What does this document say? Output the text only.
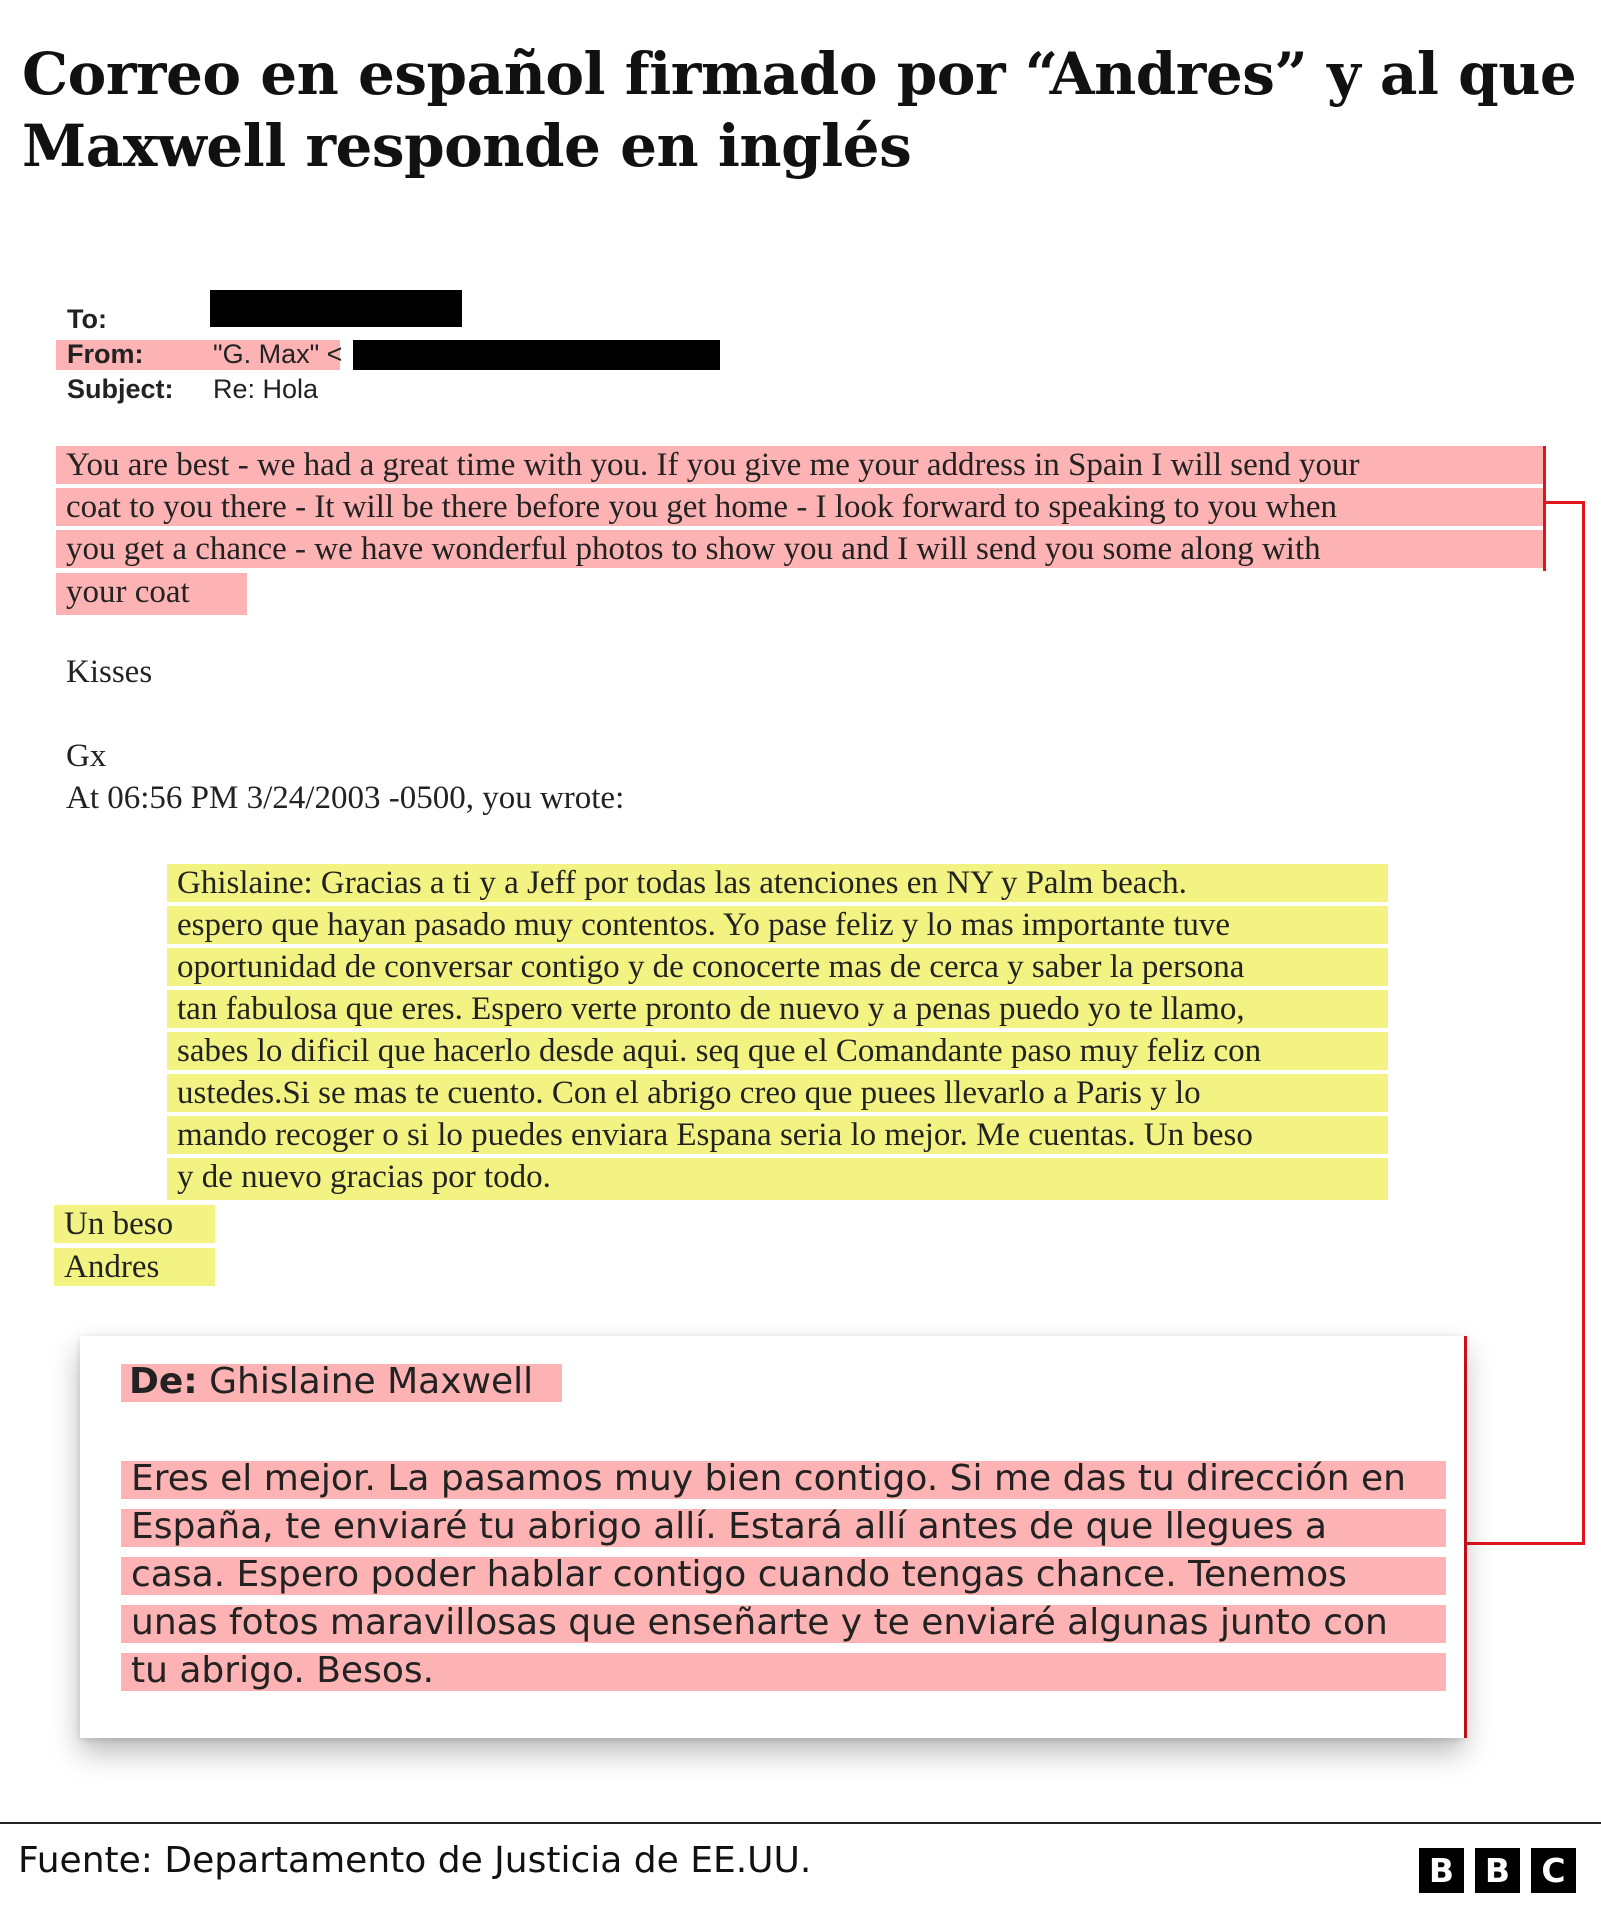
Correo en español firmado por “Andres” y al que Maxwell responde en inglés
To:
From:	"G. Max" <
Subject: Re: Hola
You are best - we had a great time with you. If you give me your address in Spain I will send your
coat to you there - It will be there before you get home - I look forward to speaking to you when
you get a chance - we have wonderful photos to show you and I will send you some along with
your coat
Kisses
Gx
At 06:56 PM 3/24/2003 -0500, you wrote:
Ghislaine: Gracias a ti y a Jeff por todas las atenciones en NY y Palm beach.
espero que hayan pasado muy contentos. Yo pase feliz y lo mas importante tuve
oportunidad de conversar contigo y de conocerte mas de cerca y saber la persona
tan fabulosa que eres. Espero verte pronto de nuevo y a penas puedo yo te llamo,
sabes lo dificil que hacerlo desde aqui. seq que el Comandante paso muy feliz con
ustedes.Si se mas te cuento. Con el abrigo creo que puees llevarlo a Paris y lo
mando recoger o si lo puedes enviara Espana seria lo mejor. Me cuentas. Un beso
y de nuevo gracias por todo.
Un beso
Andres
De: Ghislaine Maxwell
Eres el mejor. La pasamos muy bien contigo. Si me das tu dirección en
España, te enviaré tu abrigo allí. Estará allí antes de que llegues a
casa. Espero poder hablar contigo cuando tengas chance. Tenemos
unas fotos maravillosas que enseñarte y te enviaré algunas junto con
tu abrigo. Besos.
Fuente: Departamento de Justicia de EE.UU.	B B C
